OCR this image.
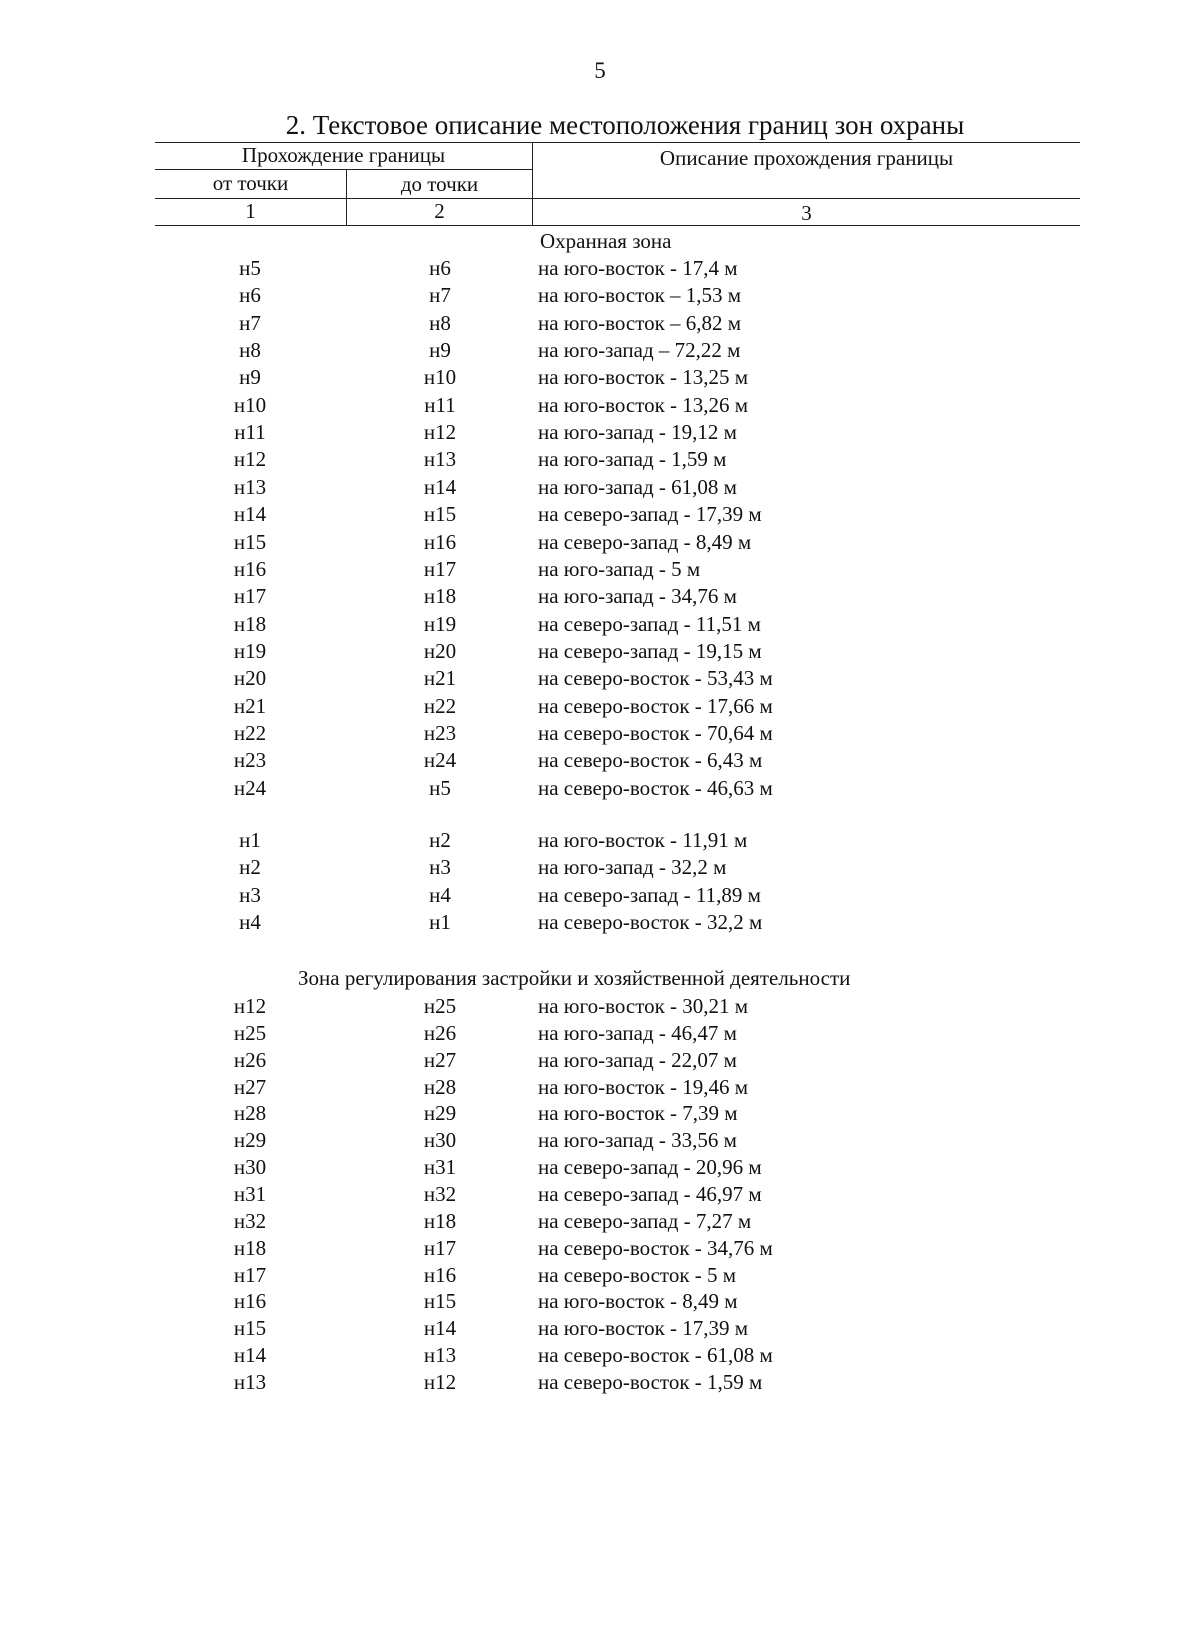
5
2. Текстовое описание местоположения границ зон охраны
Прохождение границы	Описание прохождения границы
от точки	до точки
1	2	3
Охранная зона
н5	н6	на юго-восток - 17,4 м
н6	н7	на юго-восток – 1,53 м
н7	н8	на юго-восток – 6,82 м
н8	н9	на юго-запад – 72,22 м
н9	н10	на юго-восток - 13,25 м
н10	н11	на юго-восток - 13,26 м
н11	н12	на юго-запад - 19,12 м
н12	н13	на юго-запад - 1,59 м
н13	н14	на юго-запад - 61,08 м
н14	н15	на северо-запад - 17,39 м
н15	н16	на северо-запад - 8,49 м
н16	н17	на юго-запад - 5 м
н17	н18	на юго-запад - 34,76 м
н18	н19	на северо-запад - 11,51 м
н19	н20	на северо-запад - 19,15 м
н20	н21	на северо-восток - 53,43 м
н21	н22	на северо-восток - 17,66 м
н22	н23	на северо-восток - 70,64 м
н23	н24	на северо-восток - 6,43 м
н24	н5	на северо-восток - 46,63 м
н1	н2	на юго-восток - 11,91 м
н2	н3	на юго-запад - 32,2 м
н3	н4	на северо-запад - 11,89 м
н4	н1	на северо-восток - 32,2 м
Зона регулирования застройки и хозяйственной деятельности
н12	н25	на юго-восток - 30,21 м
н25	н26	на юго-запад - 46,47 м
н26	н27	на юго-запад - 22,07 м
н27	н28	на юго-восток - 19,46 м
н28	н29	на юго-восток - 7,39 м
н29	н30	на юго-запад - 33,56 м
н30	н31	на северо-запад - 20,96 м
н31	н32	на северо-запад - 46,97 м
н32	н18	на северо-запад - 7,27 м
н18	н17	на северо-восток - 34,76 м
н17	н16	на северо-восток - 5 м
н16	н15	на юго-восток - 8,49 м
н15	н14	на юго-восток - 17,39 м
н14	н13	на северо-восток - 61,08 м
н13	н12	на северо-восток - 1,59 м
